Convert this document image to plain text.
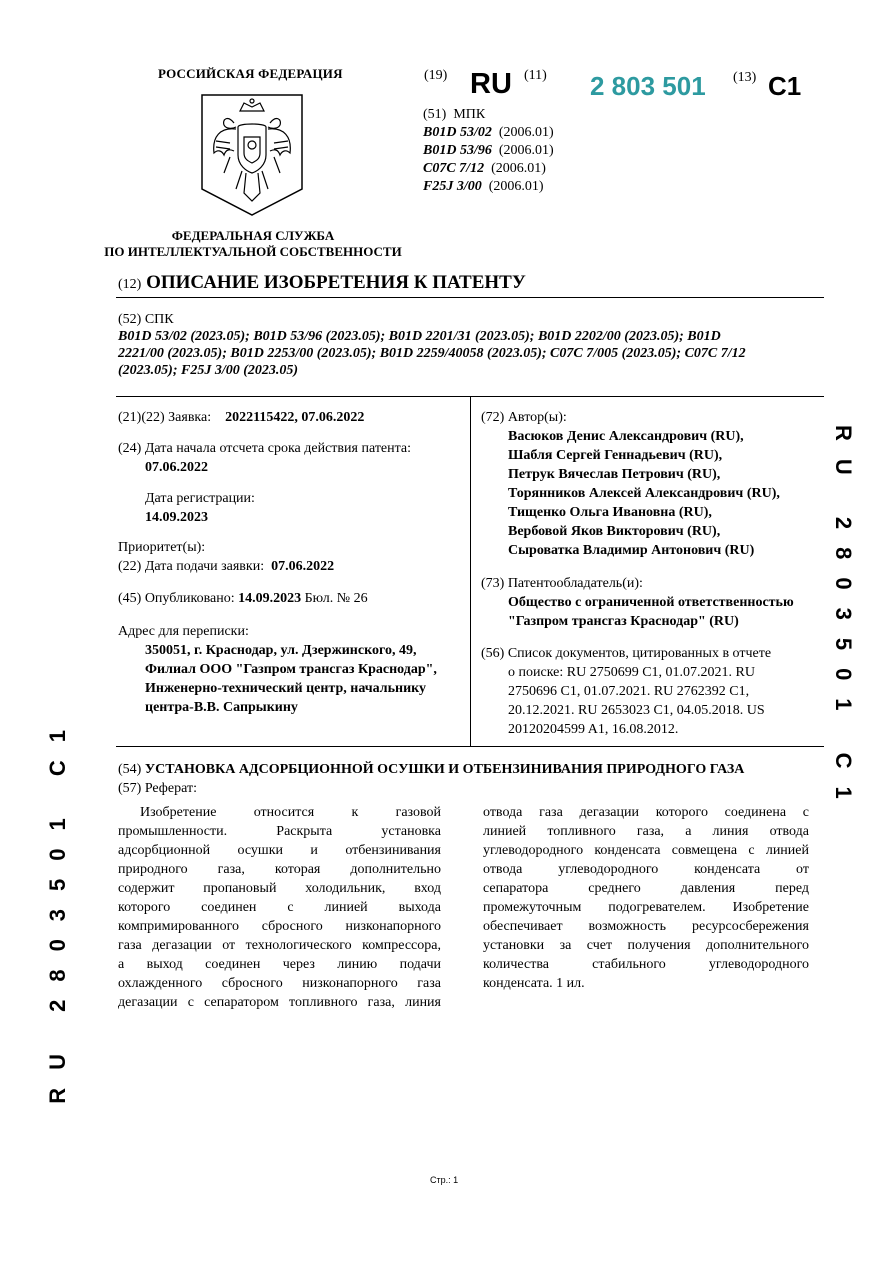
РОССИЙСКАЯ ФЕДЕРАЦИЯ
ФЕДЕРАЛЬНАЯ СЛУЖБА
ПО ИНТЕЛЛЕКТУАЛЬНОЙ СОБСТВЕННОСТИ
(19) RU (11) 2 803 501 (13) C1
(51) МПК
B01D 53/02 (2006.01)
B01D 53/96 (2006.01)
C07C 7/12 (2006.01)
F25J 3/00 (2006.01)
(12) ОПИСАНИЕ ИЗОБРЕТЕНИЯ К ПАТЕНТУ
(52) СПК
B01D 53/02 (2023.05); B01D 53/96 (2023.05); B01D 2201/31 (2023.05); B01D 2202/00 (2023.05); B01D
2221/00 (2023.05); B01D 2253/00 (2023.05); B01D 2259/40058 (2023.05); C07C 7/005 (2023.05); C07C 7/12
(2023.05); F25J 3/00 (2023.05)
(21)(22) Заявка: 2022115422, 07.06.2022
(24) Дата начала отсчета срока действия патента:
07.06.2022
Дата регистрации:
14.09.2023
Приоритет(ы):
(22) Дата подачи заявки: 07.06.2022
(45) Опубликовано: 14.09.2023 Бюл. № 26
Адрес для переписки:
350051, г. Краснодар, ул. Дзержинского, 49,
Филиал ООО "Газпром трансгаз Краснодар",
Инженерно-технический центр, начальнику
центра-В.В. Сапрыкину
(72) Автор(ы):
Васюков Денис Александрович (RU),
Шабля Сергей Геннадьевич (RU),
Петрук Вячеслав Петрович (RU),
Торянников Алексей Александрович (RU),
Тищенко Ольга Ивановна (RU),
Вербовой Яков Викторович (RU),
Сыроватка Владимир Антонович (RU)
(73) Патентообладатель(и):
Общество с ограниченной ответственностью
"Газпром трансгаз Краснодар" (RU)
(56) Список документов, цитированных в отчете
о поиске: RU 2750699 C1, 01.07.2021. RU
2750696 C1, 01.07.2021. RU 2762392 C1,
20.12.2021. RU 2653023 C1, 04.05.2018. US
20120204599 A1, 16.08.2012.
(54) УСТАНОВКА АДСОРБЦИОННОЙ ОСУШКИ И ОТБЕНЗИНИВАНИЯ ПРИРОДНОГО ГАЗА
(57) Реферат:
Изобретение относится к газовой
промышленности. Раскрыта установка
адсорбционной осушки и отбензинивания
природного газа, которая дополнительно
содержит пропановый холодильник, вход
которого соединен с линией выхода
компримированного сбросного низконапорного
газа дегазации от технологического компрессора,
а выход соединен через линию подачи
охлажденного сбросного низконапорного газа
дегазации с сепаратором топливного газа, линия
отвода газа дегазации которого соединена с
линией топливного газа, а линия отвода
углеводородного конденсата совмещена с линией
отвода углеводородного конденсата от
сепаратора среднего давления перед
промежуточным подогревателем. Изобретение
обеспечивает возможность ресурсосбережения
установки за счет получения дополнительного
количества стабильного углеводородного
конденсата. 1 ил.
RU 2803501 C1
RU 2803501 C1
Стр.: 1
